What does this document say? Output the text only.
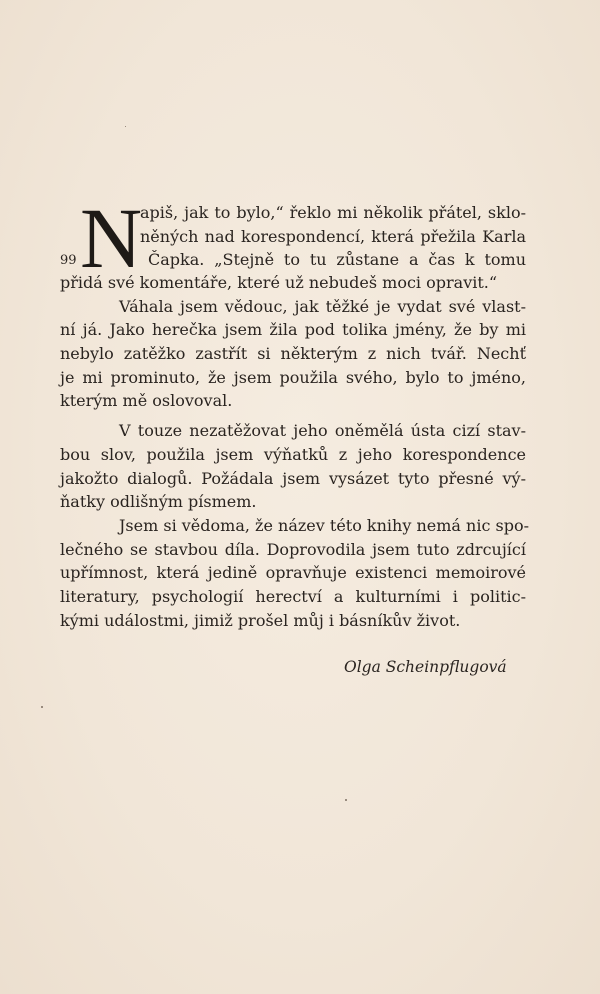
N
99
apiš, jak to bylo,“ řeklo mi několik přátel, sklo-
něných nad korespondencí, která přežila Karla
Čapka. „Stejně to tu zůstane a čas k tomu
přidá své komentáře, které už nebudeš moci opravit.“
Váhala jsem vědouc, jak těžké je vydat své vlast-
ní já. Jako herečka jsem žila pod tolika jmény, že by mi
nebylo zatěžko zastřít si některým z nich tvář. Nechť
je mi prominuto, že jsem použila svého, bylo to jméno,
kterým mě oslovoval.
V touze nezatěžovat jeho oněmělá ústa cizí stav-
bou slov, použila jsem výňatků z jeho korespondence
jakožto dialogů. Požádala jsem vysázet tyto přesné vý-
ňatky odlišným písmem.
Jsem si vědoma, že název této knihy nemá nic spo-
lečného se stavbou díla. Doprovodila jsem tuto zdrcující
upřímnost, která jedině opravňuje existenci memoirové
literatury, psychologií herectví a kulturními i politic-
kými událostmi, jimiž prošel můj i básníkův život.
Olga Scheinpflugová
